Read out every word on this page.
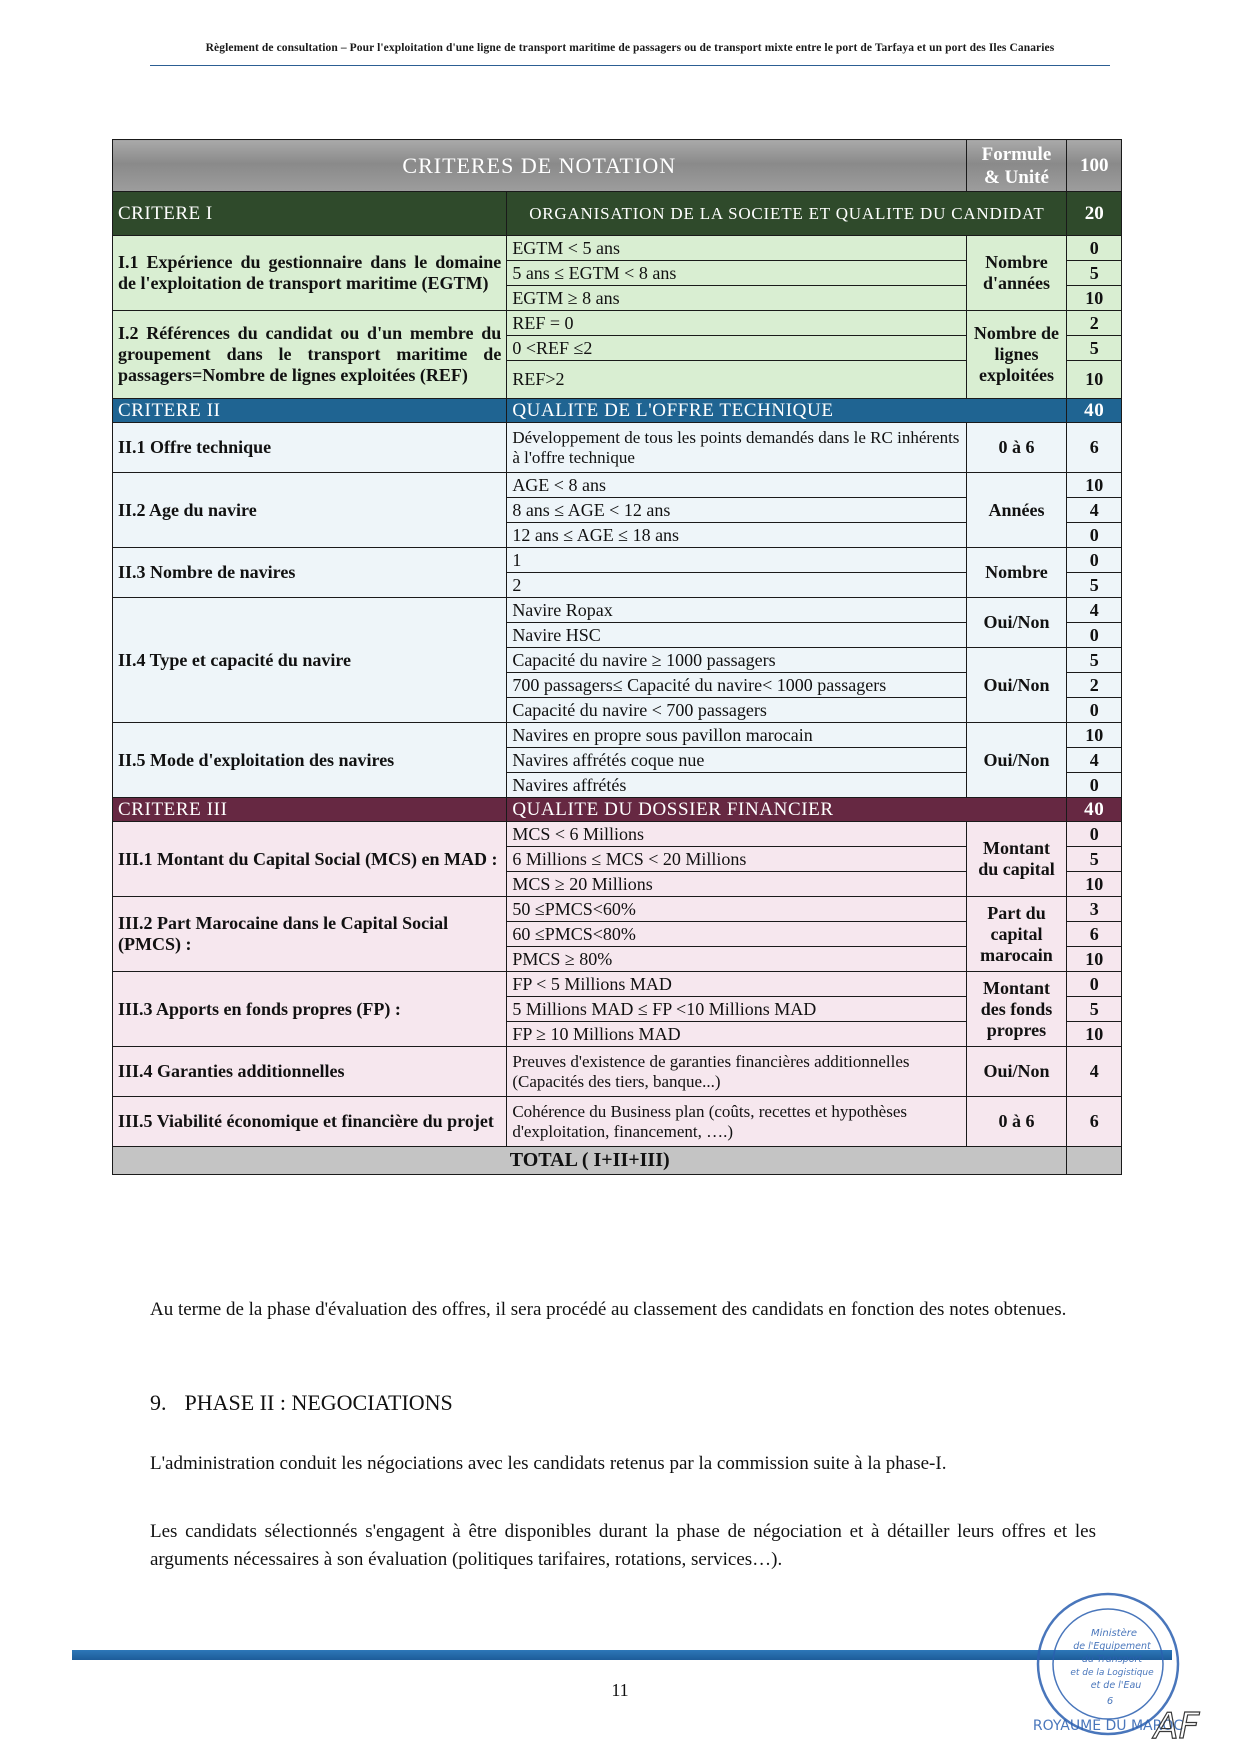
Règlement de consultation – Pour l'exploitation d'une ligne de transport maritime de passagers ou de transport mixte entre le port de Tarfaya et un port des Iles Canaries
CRITERES DE NOTATION		Formule & Unité	100
CRITERE I	ORGANISATION DE LA SOCIETE ET QUALITE DU CANDIDAT		20
I.1 Expérience du gestionnaire dans le domaine de l'exploitation de transport maritime (EGTM)	EGTM < 5 ans	Nombre d'années	0
	5 ans ≤ EGTM < 8 ans		5
	EGTM ≥ 8 ans		10
I.2 Références du candidat ou d'un membre du groupement dans le transport maritime de passagers=Nombre de lignes exploitées (REF)	REF = 0	Nombre de lignes exploitées	2
	0 <REF ≤2		5
	REF>2		10
CRITERE II	QUALITE DE L'OFFRE TECHNIQUE		40
II.1 Offre technique	Développement de tous les points demandés dans le RC inhérents à l'offre technique	0 à 6	6
II.2 Age du navire	AGE < 8 ans	Années	10
	8 ans ≤ AGE < 12 ans		4
	12 ans ≤ AGE ≤ 18 ans		0
II.3 Nombre de navires	1	Nombre	0
	2		5
II.4 Type et capacité du navire	Navire Ropax	Oui/Non	4
	Navire HSC		0
	Capacité du navire ≥ 1000 passagers	Oui/Non	5
	700 passagers≤ Capacité du navire< 1000 passagers		2
	Capacité du navire < 700 passagers		0
II.5 Mode d'exploitation des navires	Navires en propre sous pavillon marocain	Oui/Non	10
	Navires affrétés coque nue		4
	Navires affrétés		0
CRITERE III	QUALITE DU DOSSIER FINANCIER		40
III.1 Montant du Capital Social (MCS) en MAD :	MCS < 6 Millions	Montant du capital	0
	6 Millions ≤ MCS < 20 Millions		5
	MCS ≥ 20 Millions		10
III.2 Part Marocaine dans le Capital Social (PMCS) :	50 ≤PMCS<60%	Part du capital marocain	3
	60 ≤PMCS<80%		6
	PMCS ≥ 80%		10
III.3 Apports en fonds propres (FP) :	FP < 5 Millions MAD	Montant des fonds propres	0
	5 Millions MAD ≤ FP <10 Millions MAD		5
	FP ≥ 10 Millions MAD		10
III.4 Garanties additionnelles	Preuves d'existence de garanties financières additionnelles (Capacités des tiers, banque...)	Oui/Non	4
III.5 Viabilité économique et financière du projet	Cohérence du Business plan (coûts, recettes et hypothèses d'exploitation, financement, ….)	0 à 6	6
TOTAL ( I+II+III)			
Au terme de la phase d'évaluation des offres, il sera procédé au classement des candidats en fonction des notes obtenues.
9. PHASE II : NEGOCIATIONS
L'administration conduit les négociations avec les candidats retenus par la commission suite à la phase-I.
Les candidats sélectionnés s'engagent à être disponibles durant la phase de négociation et à détailler leurs offres et les arguments nécessaires à son évaluation (politiques tarifaires, rotations, services…).
11
Ministère
de l'Equipement
du Transport
et de la Logistique
et de l'Eau
6
ROYAUME DU MAROC
AF
